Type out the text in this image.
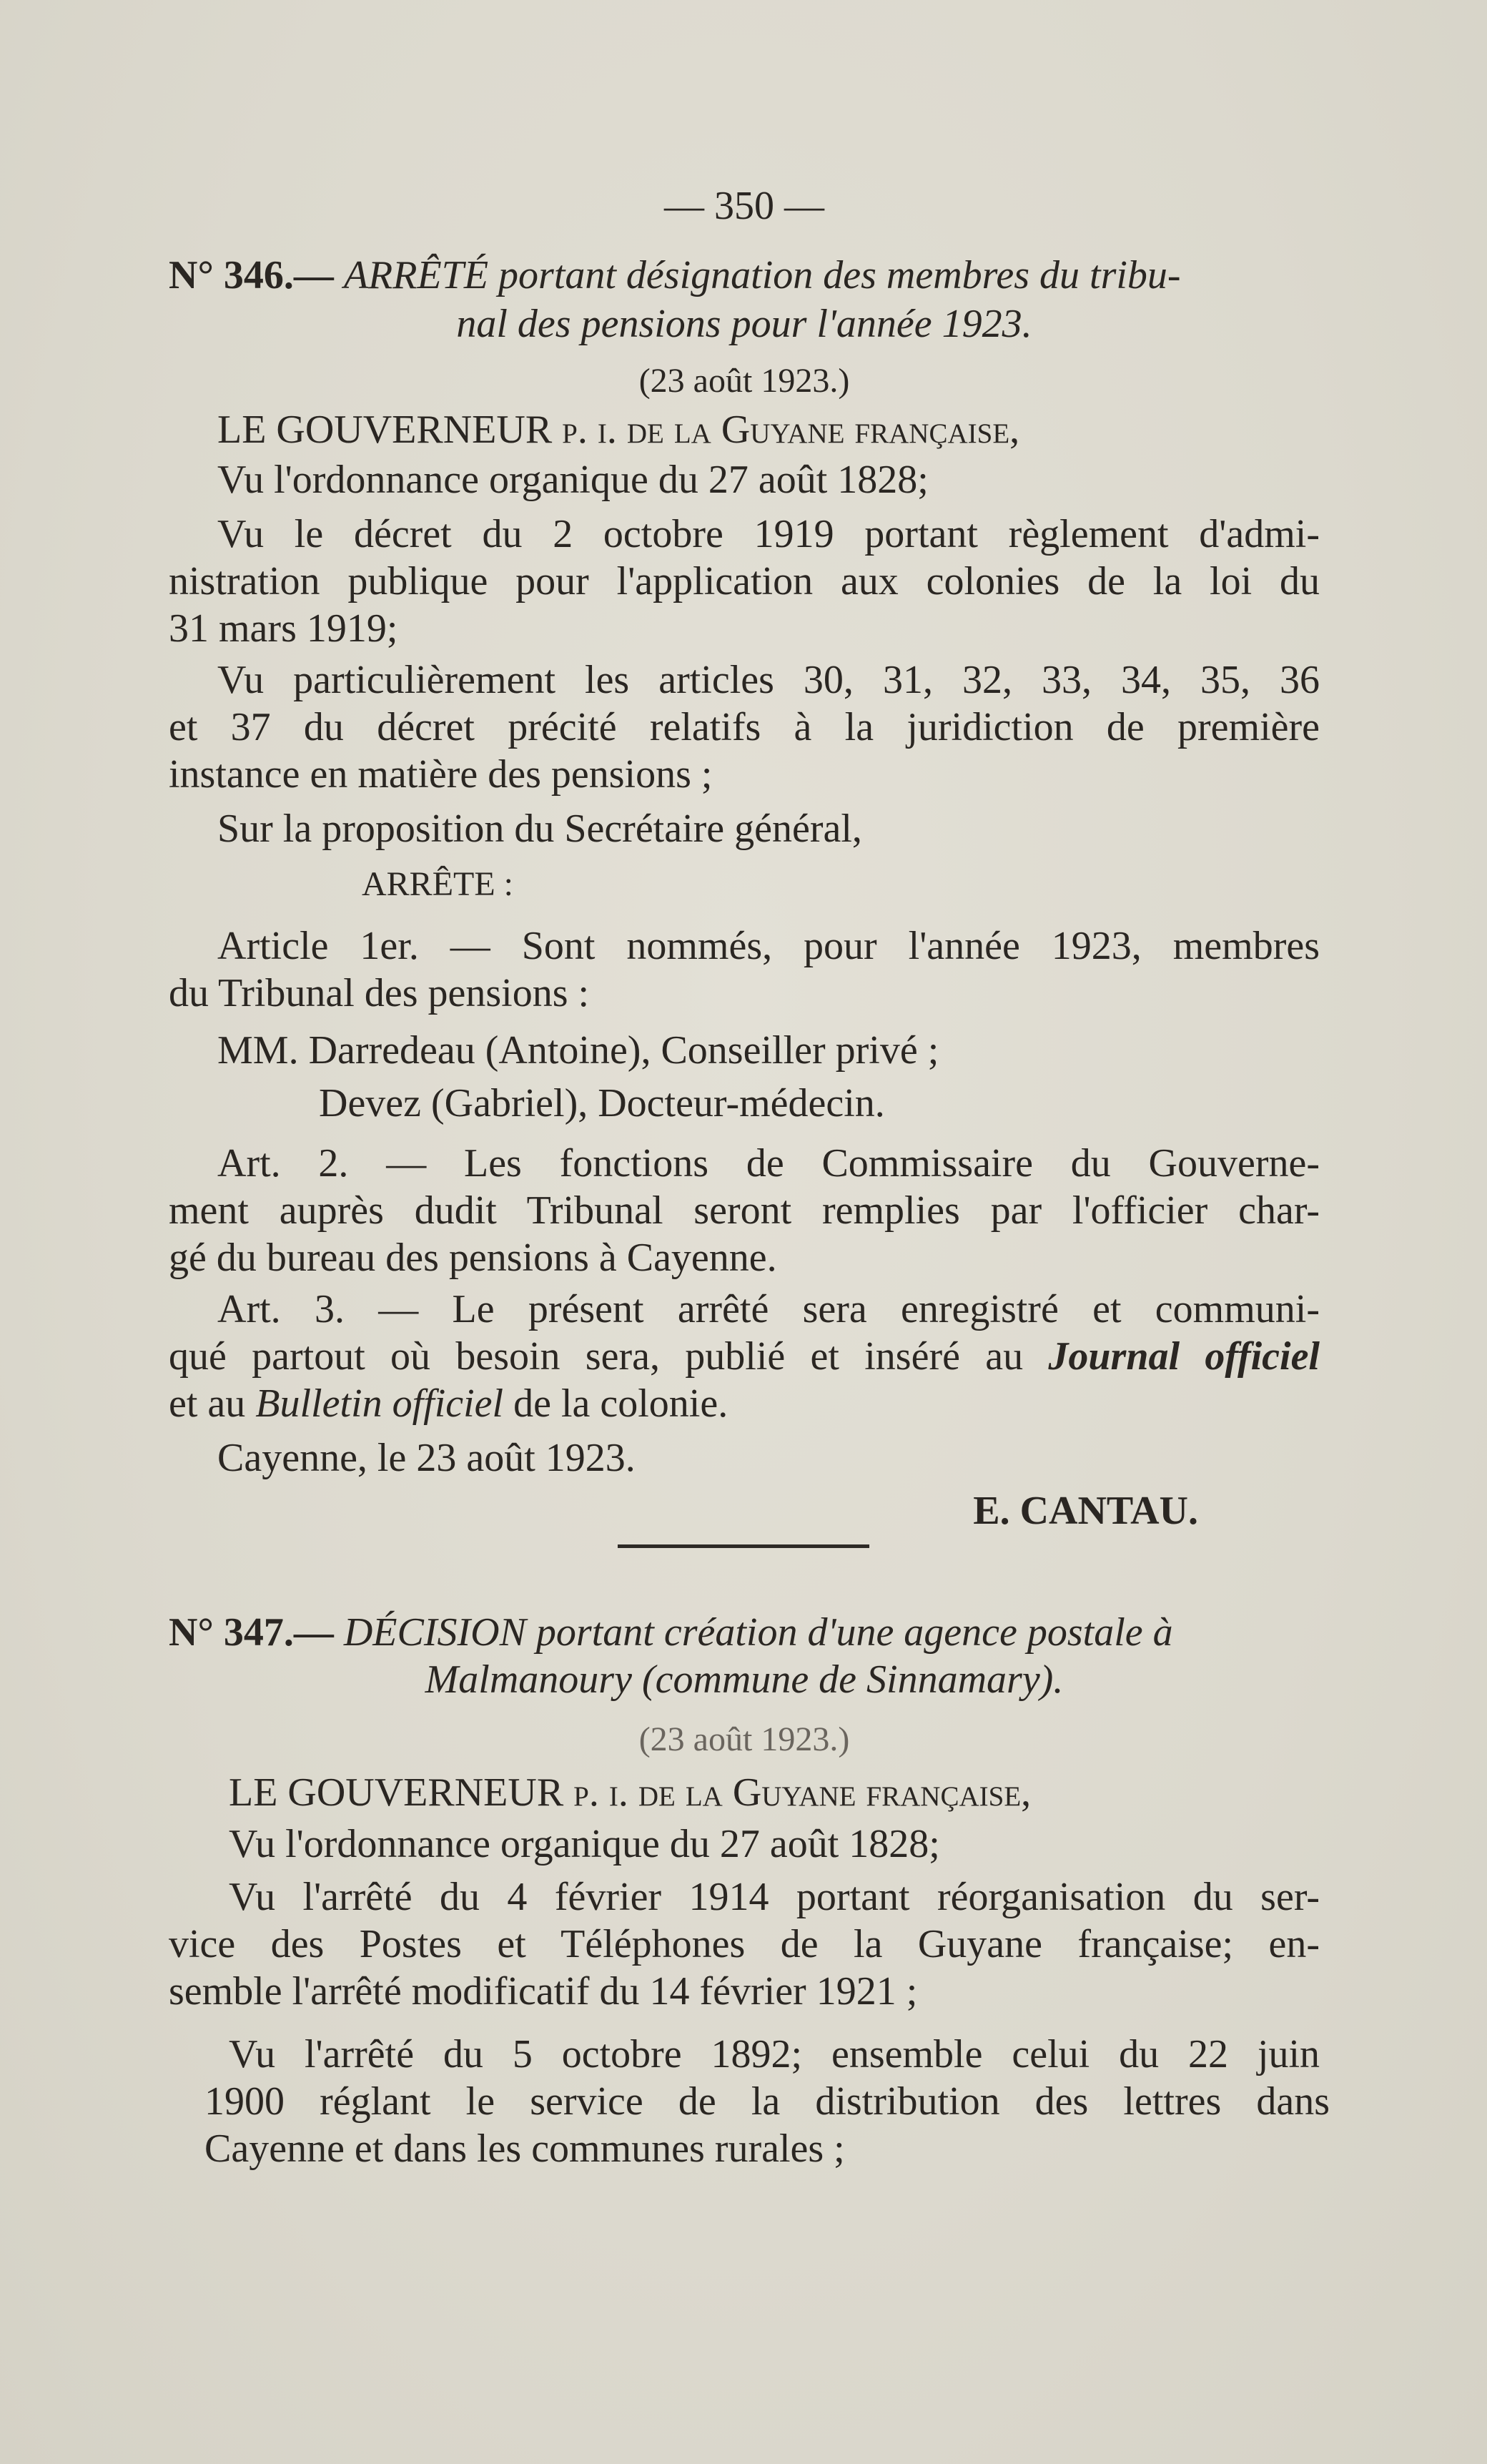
— 350 —
N° 346.— ARRÊTÉ portant désignation des membres du tribu-
nal des pensions pour l'année 1923.
(23 août 1923.)
LE GOUVERNEUR p. i. de la Guyane française,
Vu l'ordonnance organique du 27 août 1828;
Vu le décret du 2 octobre 1919 portant règlement d'admi-
nistration publique pour l'application aux colonies de la loi du
31 mars 1919;
Vu particulièrement les articles 30, 31, 32, 33, 34, 35, 36
et 37 du décret précité relatifs à la juridiction de première
instance en matière des pensions ;
Sur la proposition du Secrétaire général,
ARRÊTE :
Article 1er. — Sont nommés, pour l'année 1923, membres
du Tribunal des pensions :
MM. Darredeau (Antoine), Conseiller privé ;
Devez (Gabriel), Docteur-médecin.
Art. 2. — Les fonctions de Commissaire du Gouverne-
ment auprès dudit Tribunal seront remplies par l'officier char-
gé du bureau des pensions à Cayenne.
Art. 3. — Le présent arrêté sera enregistré et communi-
qué partout où besoin sera, publié et inséré au Journal officiel
et au Bulletin officiel de la colonie.
Cayenne, le 23 août 1923.
E. CANTAU.
N° 347.— DÉCISION portant création d'une agence postale à
Malmanoury (commune de Sinnamary).
(23 août 1923.)
LE GOUVERNEUR p. i. de la Guyane française,
Vu l'ordonnance organique du 27 août 1828;
Vu l'arrêté du 4 février 1914 portant réorganisation du ser-
vice des Postes et Téléphones de la Guyane française; en-
semble l'arrêté modificatif du 14 février 1921 ;
Vu l'arrêté du 5 octobre 1892; ensemble celui du 22 juin
1900 réglant le service de la distribution des lettres dans
Cayenne et dans les communes rurales ;
